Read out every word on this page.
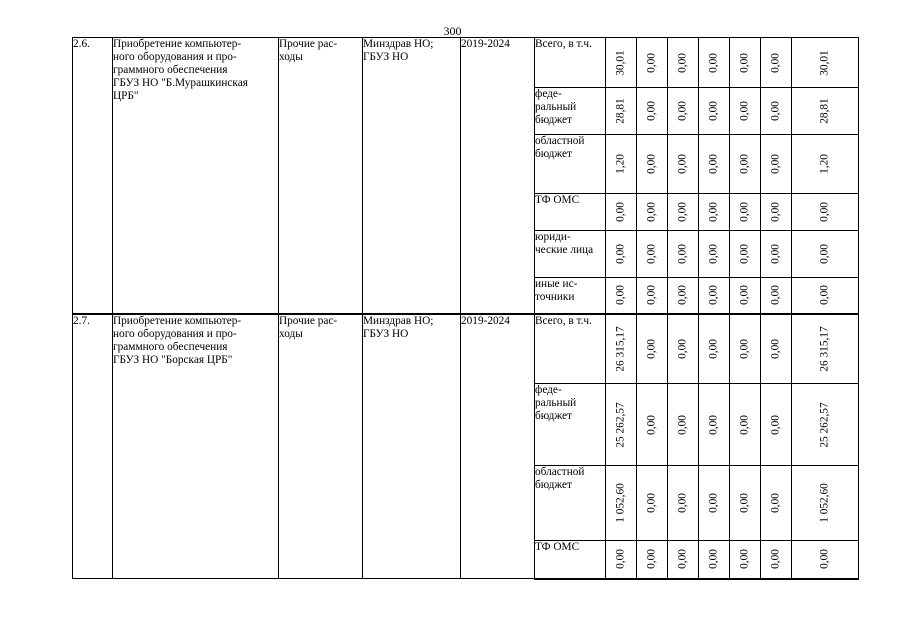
300
2.6.	Приобретение компьютер-
ного оборудования и про-
граммного обеспечения
ГБУЗ НО "Б.Мурашкинская
ЦРБ"	Прочие рас-
ходы	Минздрав НО;
ГБУЗ НО	2019-2024	Всего, в т.ч.	30,01	0,00	0,00	0,00	0,00	0,00	30,01

					феде-
ральный
бюджет	28,81	0,00	0,00	0,00	0,00	0,00	28,81

					областной
бюджет	1,20	0,00	0,00	0,00	0,00	0,00	1,20

					ТФ ОМС	0,00	0,00	0,00	0,00	0,00	0,00	0,00

					юриди-
ческие лица	0,00	0,00	0,00	0,00	0,00	0,00	0,00

					иные ис-
точники	0,00	0,00	0,00	0,00	0,00	0,00	0,00

2.7.	Приобретение компьютер-
ного оборудования и про-
граммного обеспечения
ГБУЗ НО "Борская ЦРБ"	Прочие рас-
ходы	Минздрав НО;
ГБУЗ НО	2019-2024	Всего, в т.ч.	26 315,17	0,00	0,00	0,00	0,00	0,00	26 315,17

					феде-
ральный
бюджет	25 262,57	0,00	0,00	0,00	0,00	0,00	25 262,57

					областной
бюджет	1 052,60	0,00	0,00	0,00	0,00	0,00	1 052,60

					ТФ ОМС	0,00	0,00	0,00	0,00	0,00	0,00	0,00
